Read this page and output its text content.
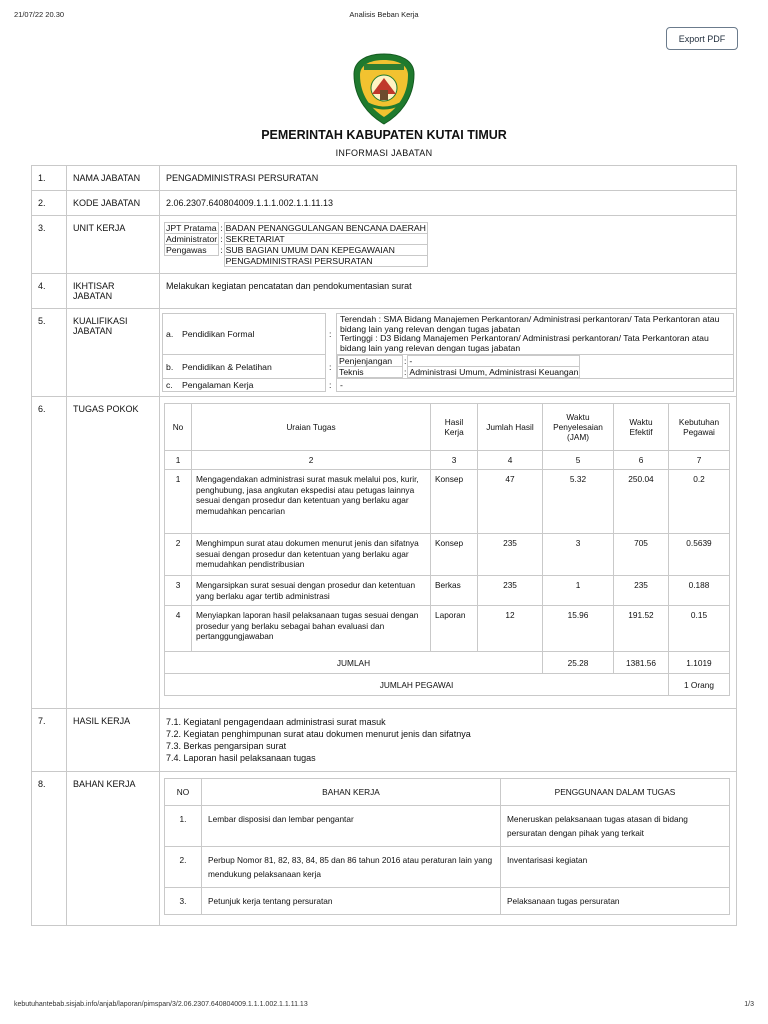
21/07/22 20.30	Analisis Beban Kerja
Export PDF
PEMERINTAH KABUPATEN KUTAI TIMUR
INFORMASI JABATAN
1.	NAMA JABATAN	PENGADMINISTRASI PERSURATAN
2.	KODE JABATAN	2.06.2307.640804009.1.1.1.002.1.1.11.13
3.	UNIT KERJA		JPT Pratama	:	BADAN PENANGGULANGAN BENCANA DAERAH
Administrator	:	SEKRETARIAT
Pengawas	:	SUB BAGIAN UMUM DAN KEPEGAWAIAN
		PENGADMINISTRASI PERSURATAN

4.	IKHTISAR JABATAN	Melakukan kegiatan pencatatan dan pendokumentasian surat
5.	KUALIFIKASI JABATAN		a.	Pendidikan Formal	:	
Terendah : SMA Bidang Manajemen Perkantoran/ Administrasi perkantoran/ Tata Perkantoran atau bidang lain yang relevan dengan tugas jabatan
Tertinggi : D3 Bidang Manajemen Perkantoran/ Administrasi perkantoran/ Tata Perkantoran atau bidang lain yang relevan dengan tugas jabatan

b.	Pendidikan & Pelatihan	:	
Penjenjangan	:	-
Teknis	:	Administrasi Umum, Administrasi Keuangan

c.	Pengalaman Kerja	:	-

6.	TUGAS POKOK	
No	Uraian Tugas	Hasil Kerja	Jumlah Hasil	Waktu Penyelesaian (JAM)	Waktu Efektif	Kebutuhan Pegawai
1	2	3	4	5	6	7
1	Mengagendakan administrasi surat masuk melalui pos, kurir, penghubung, jasa angkutan ekspedisi atau petugas lainnya sesuai dengan prosedur dan ketentuan yang berlaku agar memudahkan pencarian	Konsep	47	5.32	250.04	0.2
2	Menghimpun surat atau dokumen menurut jenis dan sifatnya sesuai dengan prosedur dan ketentuan yang berlaku agar memudahkan pendistribusian	Konsep	235	3	705	0.5639
3	Mengarsipkan surat sesuai dengan prosedur dan ketentuan yang berlaku agar tertib administrasi	Berkas	235	1	235	0.188
4	Menyiapkan laporan hasil pelaksanaan tugas sesuai dengan prosedur yang berlaku sebagai bahan evaluasi dan pertanggungjawaban	Laporan	12	15.96	191.52	0.15
JUMLAH	25.28	1381.56	1.1019
JUMLAH PEGAWAI	1 Orang

7.	HASIL KERJA	7.1. Kegiatanl pengagendaan administrasi surat masuk
7.2. Kegiatan penghimpunan surat atau dokumen menurut jenis dan sifatnya
7.3. Berkas pengarsipan surat
7.4. Laporan hasil pelaksanaan tugas

8.	BAHAN KERJA	
NO	BAHAN KERJA	PENGGUNAAN DALAM TUGAS
1.	Lembar disposisi dan lembar pengantar	Meneruskan pelaksanaan tugas atasan di bidang persuratan dengan pihak yang terkait
2.	Perbup Nomor 81, 82, 83, 84, 85 dan 86 tahun 2016 atau peraturan lain yang mendukung pelaksanaan kerja	Inventarisasi kegiatan
3.	Petunjuk kerja tentang persuratan	Pelaksanaan tugas persuratan
kebutuhantebab.sisjab.info/anjab/laporan/pimspan/3/2.06.2307.640804009.1.1.1.002.1.1.11.13	1/3
